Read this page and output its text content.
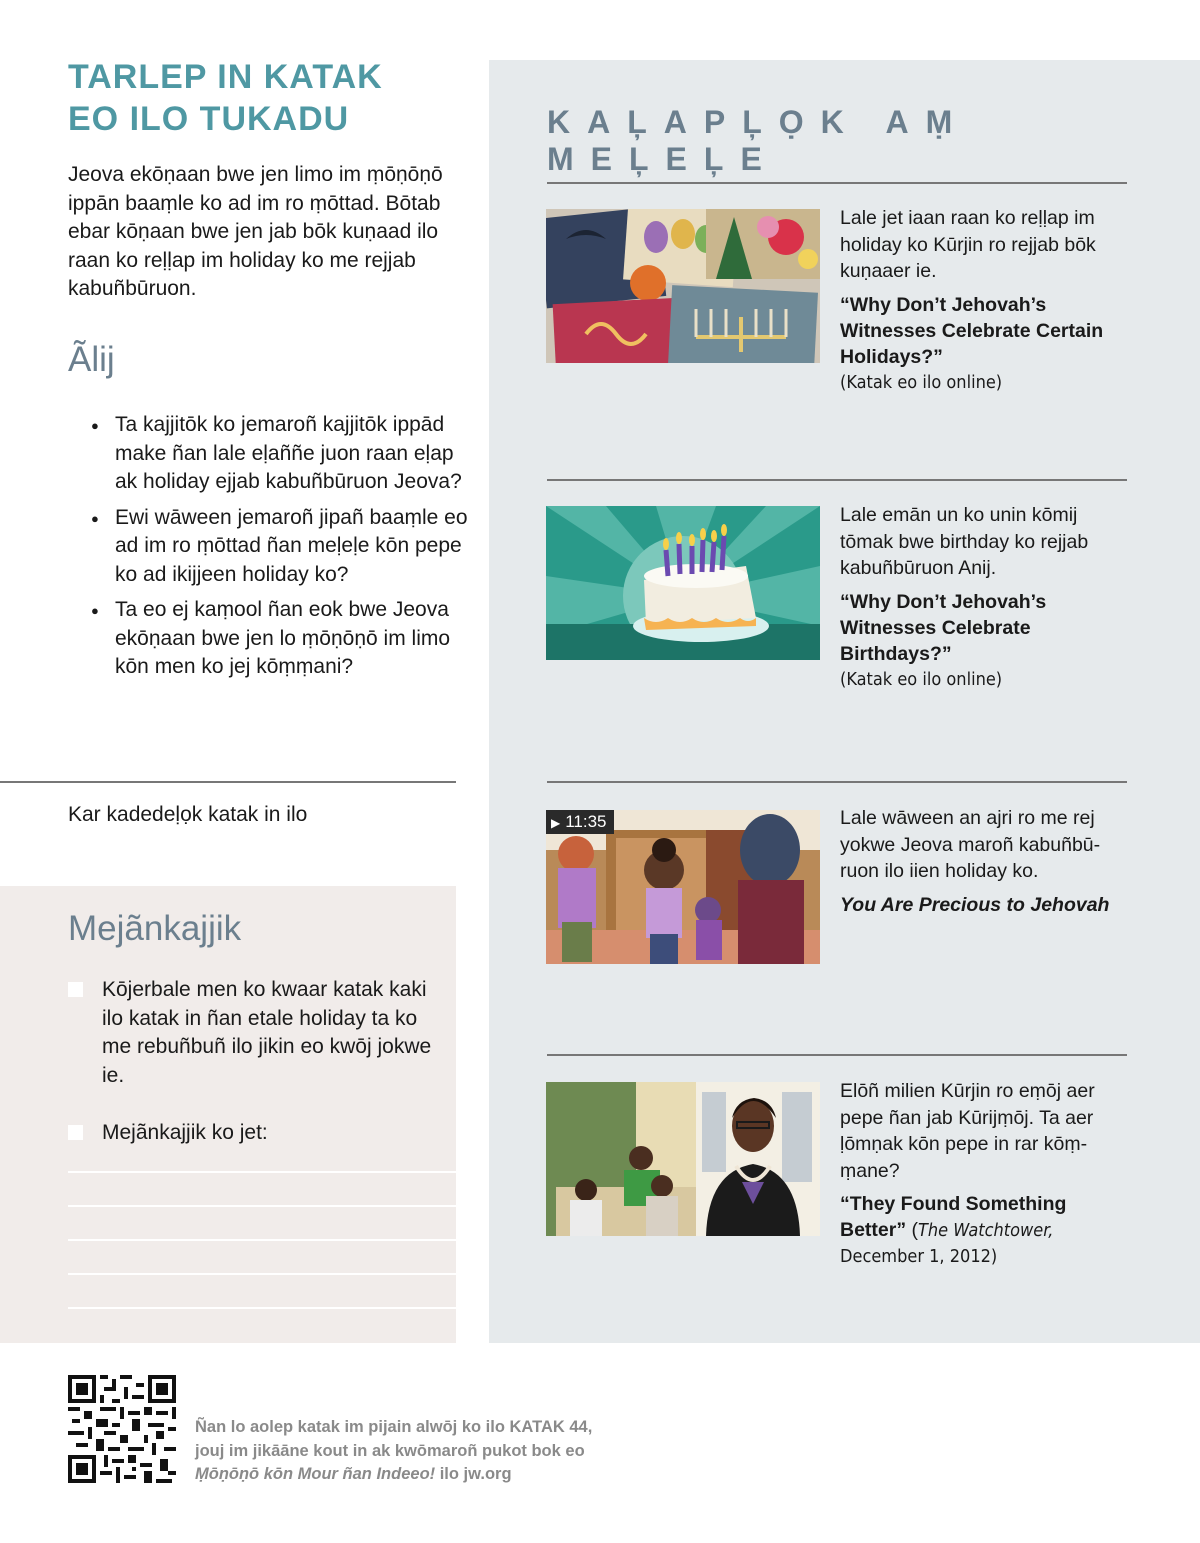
TARLEP IN KATAK
EO ILO TUKADU

Jeova ekōṇaan bwe jen limo im ṃōṇōṇō ippān baaṃle ko ad im ro ṃōttad. Bōtab ebar kōṇaan bwe jen jab bōk kuṇaad ilo raan ko reḷḷap im holiday ko me rejjab kabuñbūruon.

Ãlij
● Ta kajjitōk ko jemaroñ kajjitōk ippād make ñan lale eḷaññe juon raan eḷap ak holiday ejjab kabuñbūruon Jeova?
● Ewi wāween jemaroñ jipañ baaṃle eo ad im ro ṃōttad ñan meḷeḷe kōn pepe ko ad ikijjeen holiday ko?
● Ta eo ej kaṃool ñan eok bwe Jeova ekōṇaan bwe jen lo ṃōṇōṇō im limo kōn men ko jej kōṃṃani?

Kar kadedeḷọk katak in ilo

Mejãnkajjik
Kōjerbale men ko kwaar katak kaki ilo katak in ñan etale holiday ta ko me rebuñbuñ ilo jikin eo kwōj jokwe ie.
Mejãnkajjik ko jet:
KAĻAPĻỌK AṂ MEĻEĻE

Lale jet iaan raan ko reḷḷap im holiday ko Kūrjin ro rejjab bōk kuṇaaer ie.

“Why Don’t Jehovah’s Witnesses Celebrate Certain Holidays?”

(Katak eo ilo online)

Lale emān un ko unin kōmij tōmak bwe birthday ko rejjab kabuñbūruon Anij.

“Why Don’t Jehovah’s Witnesses Celebrate Birthdays?”

(Katak eo ilo online)

▶ 11:35	Lale wāween an ajri ro me rej yokwe Jeova maroñ kabuñbū-ruon ilo iien holiday ko.

You Are Precious to Jehovah

Elōñ milien Kūrjin ro eṃōj aer pepe ñan jab Kūrijṃōj. Ta aer ḷōmṇak kōn pepe in rar kōṃ-ṃane?

“They Found Something Better” (The Watchtower,

December 1, 2012)

Ñan lo aolep katak im pijain alwōj ko ilo KATAK 44,
jouj im jikāāne kout in ak kwōmaroñ pukot bok eo
Ṃōṇōṇō kōn Mour ñan Indeeo! ilo jw.org
